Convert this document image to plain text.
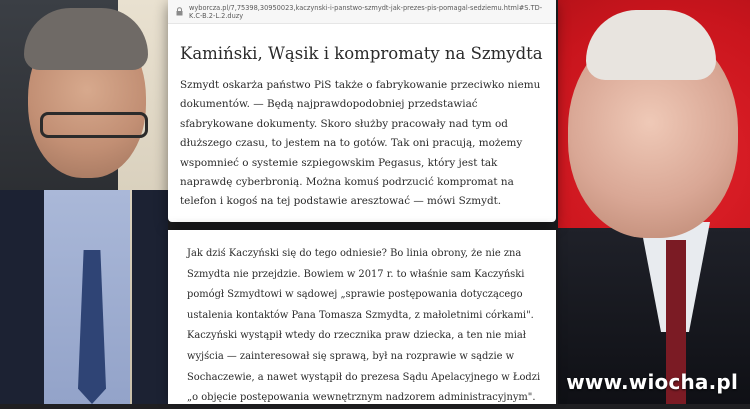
wyborcza.pl/7,75398,30950023,kaczynski-i-panstwo-szmydt-jak-prezes-pis-pomagal-sedziemu.html#S.TD-K.C-B.2-L.2.duzy
Kamiński, Wąsik i kompromaty na Szmydta
Szmydt oskarża państwo PiS także o fabrykowanie przeciwko niemu dokumentów. — Będą najprawdopodobniej przedstawiać sfabrykowane dokumenty. Skoro służby pracowały nad tym od dłuższego czasu, to jestem na to gotów. Tak oni pracują, możemy wspomnieć o systemie szpiegowskim Pegasus, który jest tak naprawdę cyberbronią. Można komuś podrzucić kompromat na telefon i kogoś na tej podstawie aresztować — mówi Szmydt.
Jak dziś Kaczyński się do tego odniesie? Bo linia obrony, że nie zna Szmydta nie przejdzie. Bowiem w 2017 r. to właśnie sam Kaczyński pomógł Szmydtowi w sądowej „sprawie postępowania dotyczącego ustalenia kontaktów Pana Tomasza Szmydta, z małoletnimi córkami". Kaczyński wystąpił wtedy do rzecznika praw dziecka, a ten nie miał wyjścia — zainteresował się sprawą, był na rozprawie w sądzie w Sochaczewie, a nawet wystąpił do prezesa Sądu Apelacyjnego w Łodzi „o objęcie postępowania wewnętrznym nadzorem administracyjnym".
www.wiocha.pl
